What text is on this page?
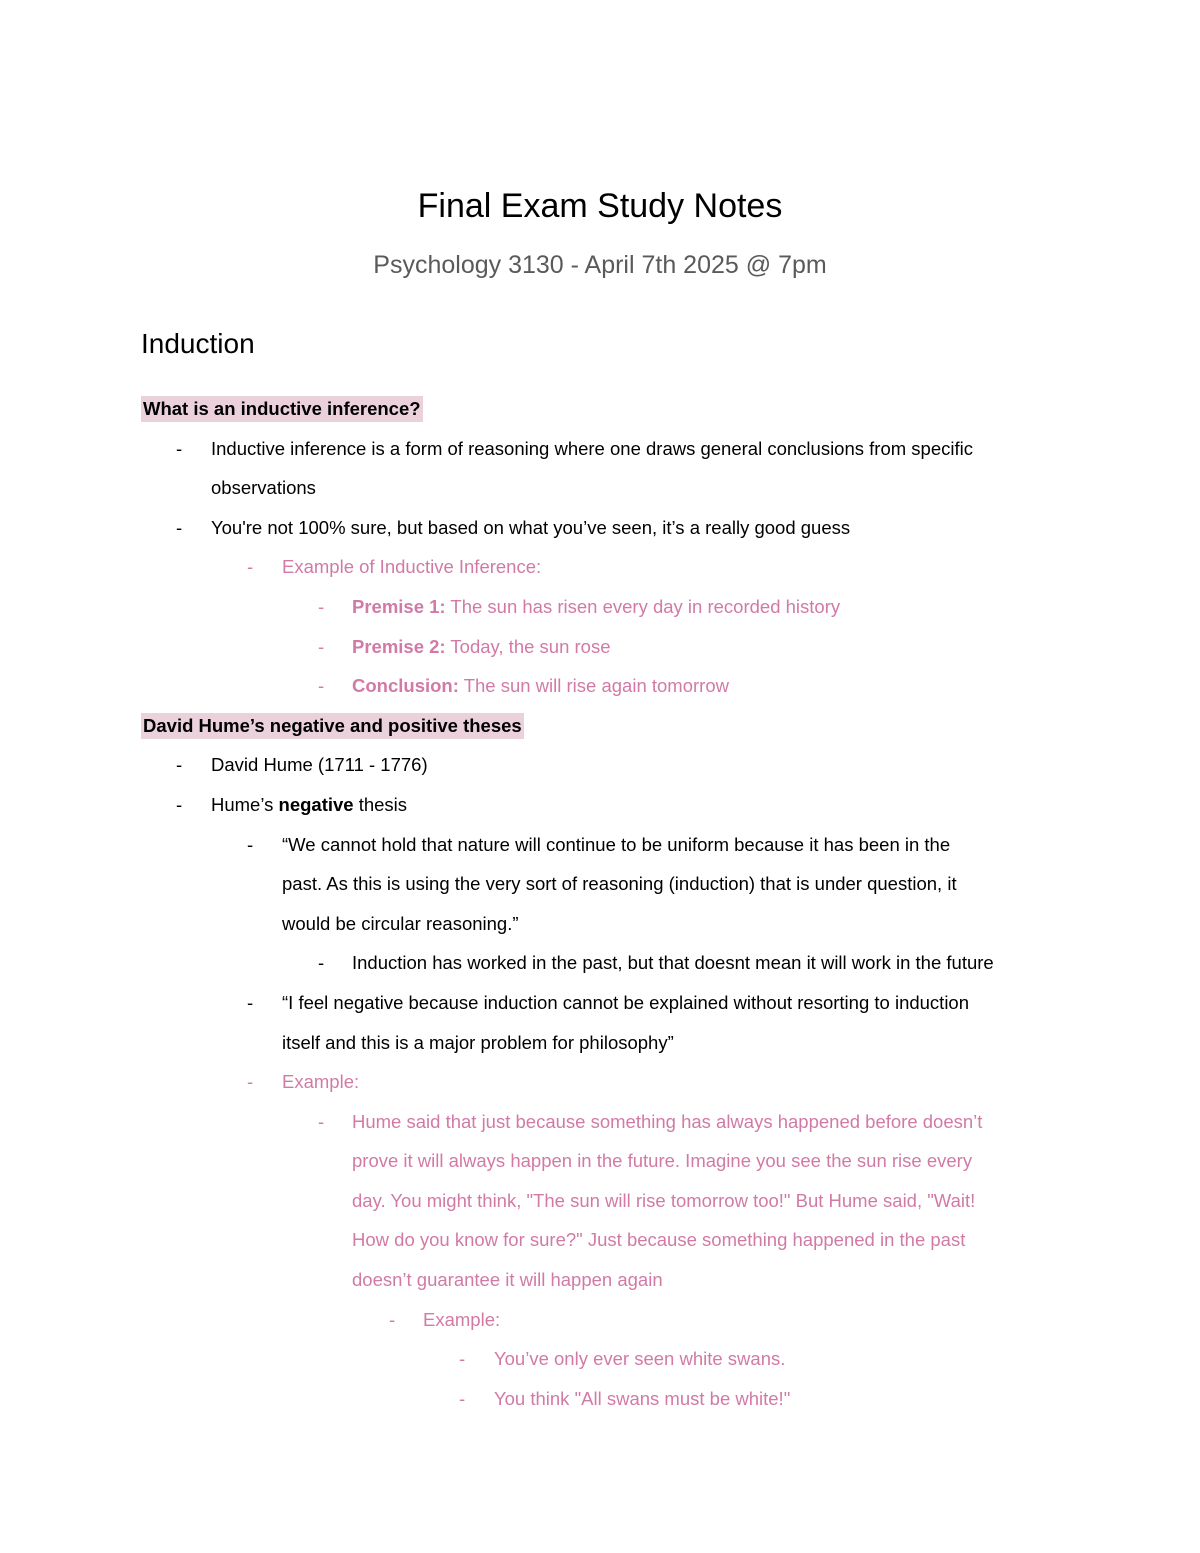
Final Exam Study Notes
Psychology 3130 - April 7th 2025 @ 7pm
Induction
What is an inductive inference?
- Inductive inference is a form of reasoning where one draws general conclusions from specific
observations
- You're not 100% sure, but based on what you’ve seen, it’s a really good guess
- Example of Inductive Inference:
- Premise 1: The sun has risen every day in recorded history
- Premise 2: Today, the sun rose
- Conclusion: The sun will rise again tomorrow
David Hume’s negative and positive theses
- David Hume (1711 - 1776)
- Hume’s negative thesis
- “We cannot hold that nature will continue to be uniform because it has been in the
past. As this is using the very sort of reasoning (induction) that is under question, it
would be circular reasoning.”
- Induction has worked in the past, but that doesnt mean it will work in the future
- “I feel negative because induction cannot be explained without resorting to induction
itself and this is a major problem for philosophy”
- Example:
- Hume said that just because something has always happened before doesn’t
prove it will always happen in the future. Imagine you see the sun rise every
day. You might think, "The sun will rise tomorrow too!" But Hume said, "Wait!
How do you know for sure?" Just because something happened in the past
doesn’t guarantee it will happen again
- Example:
- You’ve only ever seen white swans.
- You think "All swans must be white!"
